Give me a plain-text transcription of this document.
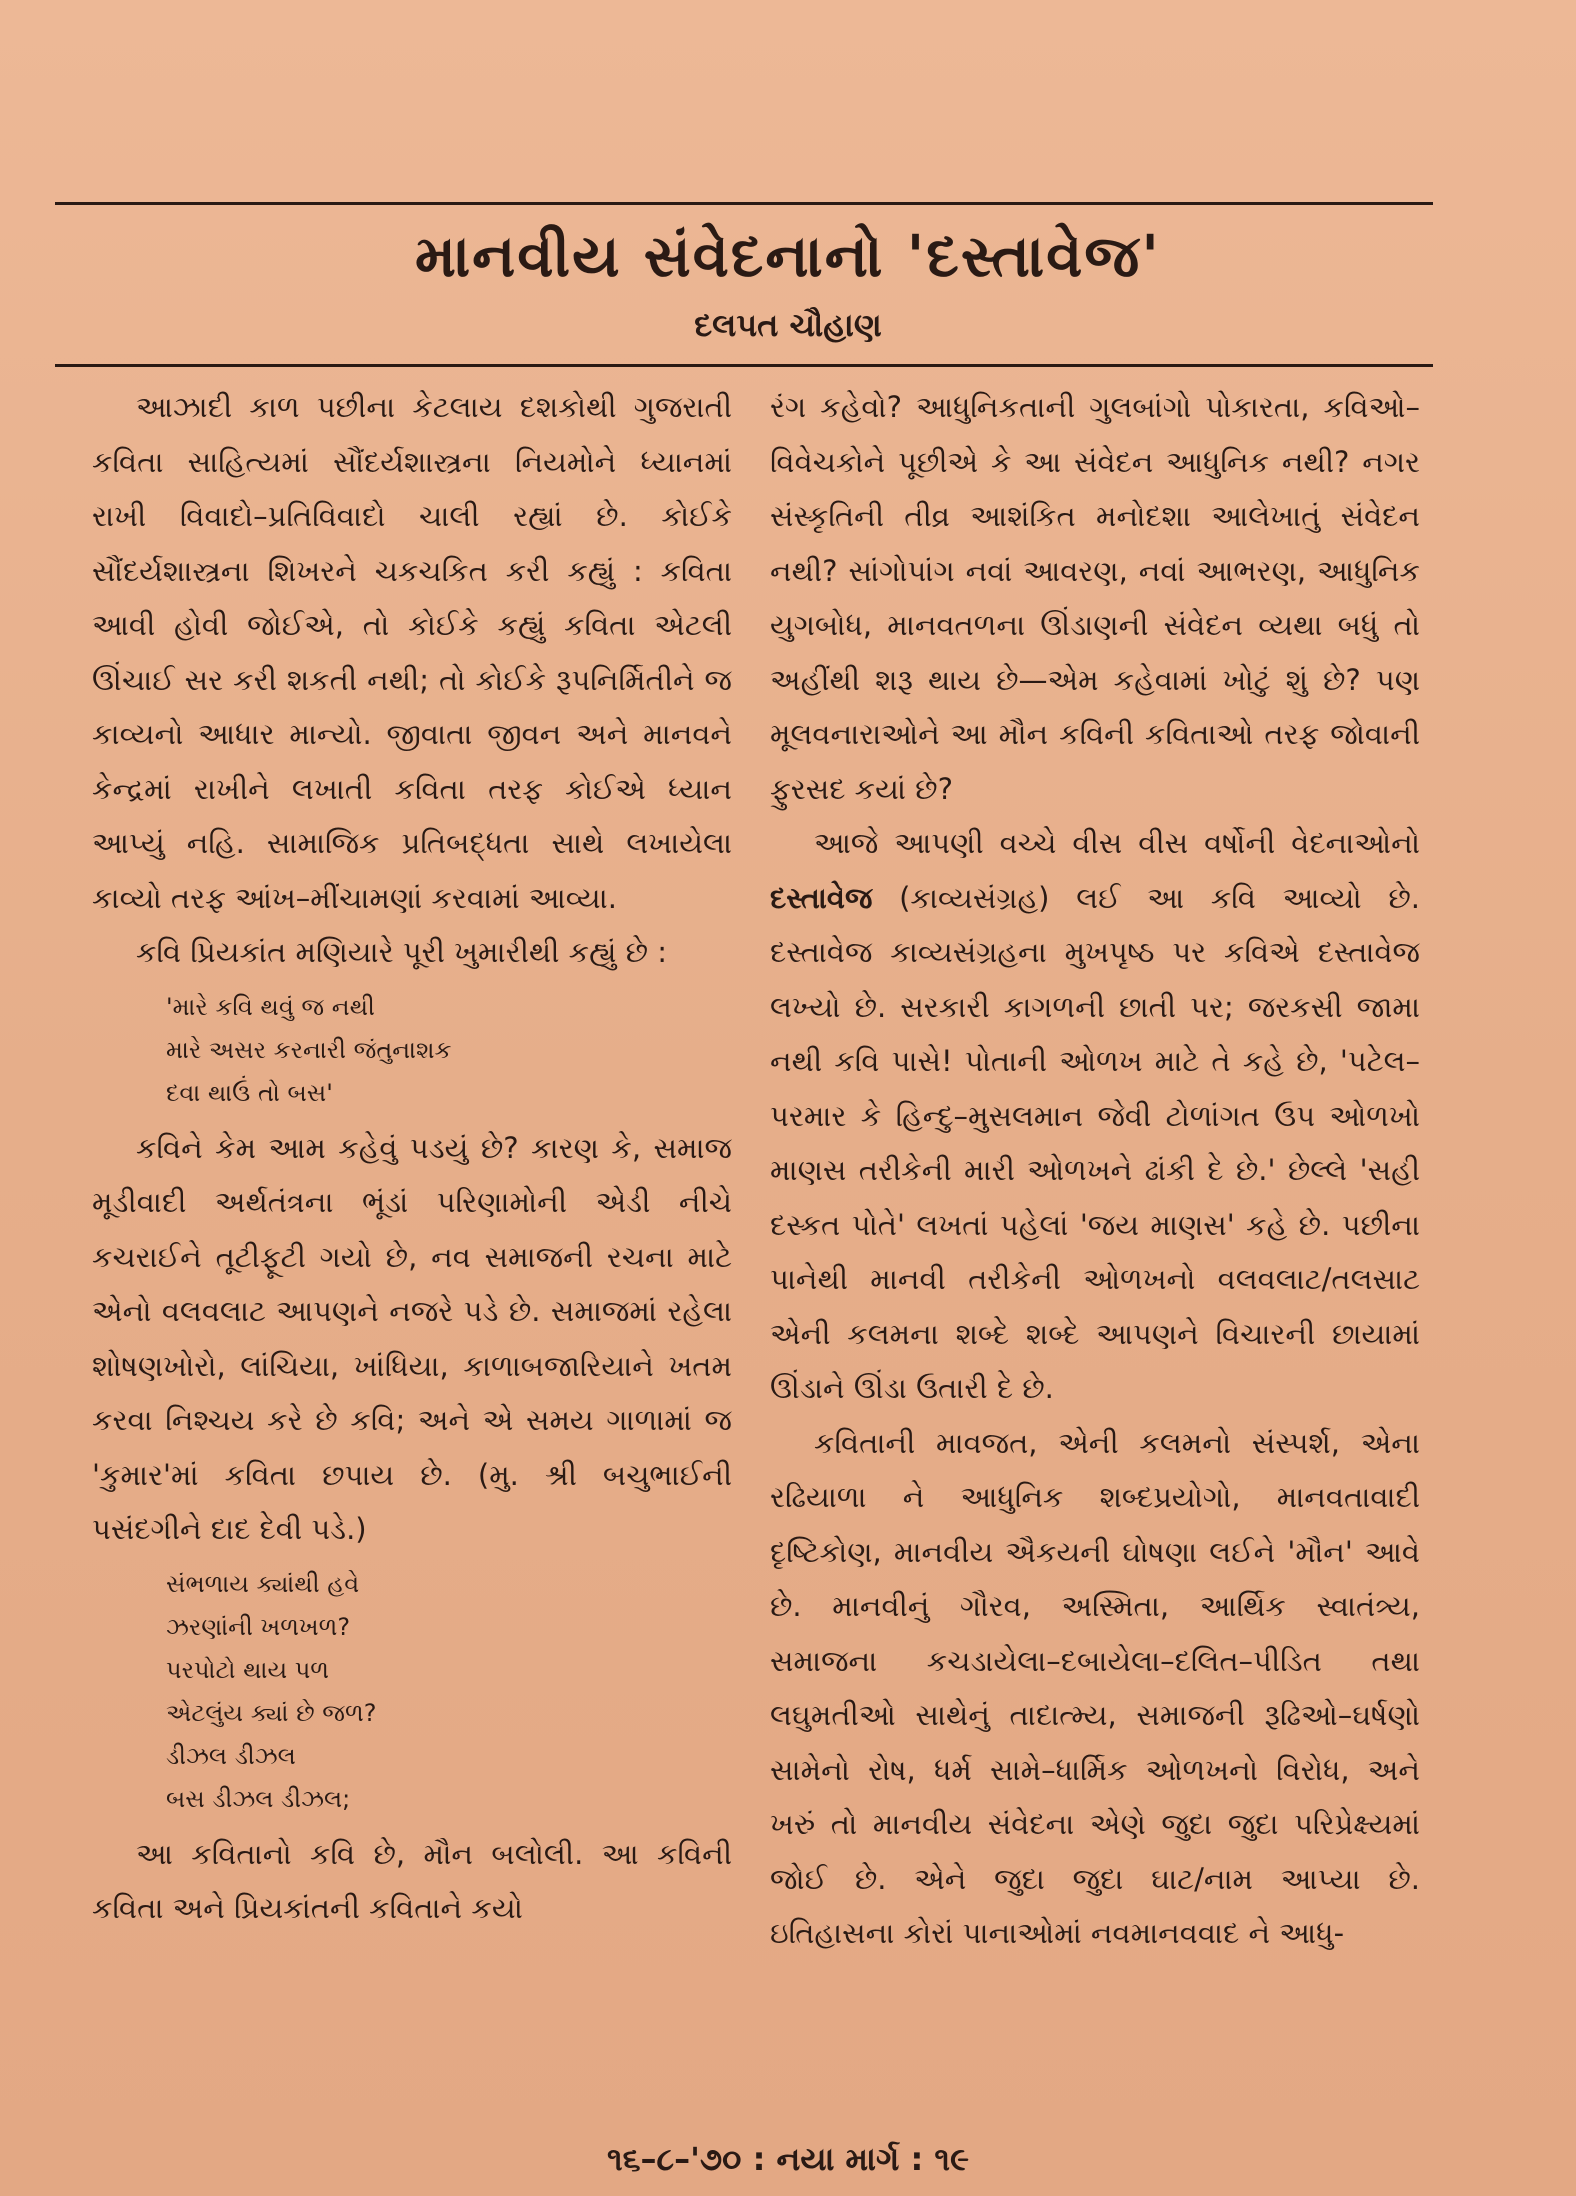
માનવીય સંવેદનાનો 'દસ્તાવેજ'
દલપત ચૌહાણ

આઝાદી કાળ પછીના કેટલાય દશકોથી ગુજરાતી કવિતા સાહિત્યમાં સૌંદર્યશાસ્ત્રના નિયમોને ધ્યાનમાં રાખી વિવાદો–પ્રતિવિવાદો ચાલી રહ્યાં છે. કોઈકે સૌંદર્યશાસ્ત્રના શિખરને ચકચકિત કરી કહ્યું : કવિતા આવી હોવી જોઈએ, તો કોઈકે કહ્યું કવિતા એટલી ઊંચાઈ સર કરી શકતી નથી; તો કોઈકે રૂપનિર્મિતીને જ કાવ્યનો આધાર માન્યો. જીવાતા જીવન અને માનવને કેન્દ્રમાં રાખીને લખાતી કવિતા તરફ કોઈએ ધ્યાન આપ્યું નહિ. સામાજિક પ્રતિબદ્ધતા સાથે લખાયેલા કાવ્યો તરફ આંખ–મીંચામણાં કરવામાં આવ્યા.

કવિ પ્રિયકાંત મણિયારે પૂરી ખુમારીથી કહ્યું છે :

'મારે કવિ થવું જ નથી
મારે અસર કરનારી જંતુનાશક
દવા થાઉં તો બસ'

કવિને કેમ આમ કહેવું પડયું છે? કારણ કે, સમાજ મૂડીવાદી અર્થતંત્રના ભૂંડાં પરિણામોની એડી નીચે કચરાઈને તૂટીફૂટી ગયો છે, નવ સમાજની રચના માટે એનો વલવલાટ આપણને નજરે પડે છે. સમાજમાં રહેલા શોષણખોરો, લાંચિયા, ખાંધિયા, કાળાબજારિયાને ખતમ કરવા નિશ્ચય કરે છે કવિ; અને એ સમય ગાળામાં જ 'કુમાર'માં કવિતા છપાય છે. (મુ. શ્રી બચુભાઈની પસંદગીને દાદ દેવી પડે.)

સંભળાય ક્યાંથી હવે
ઝરણાંની ખળખળ?
પરપોટો થાય પળ
એટલુંય ક્યાં છે જળ?
ડીઝલ ડીઝલ
બસ ડીઝલ ડીઝલ;

આ કવિતાનો કવિ છે, મૌન બલોલી. આ કવિની કવિતા અને પ્રિયકાંતની કવિતાને કયો

રંગ કહેવો? આધુનિકતાની ગુલબાંગો પોકારતા, કવિઓ–વિવેચકોને પૂછીએ કે આ સંવેદન આધુનિક નથી? નગર સંસ્કૃતિની તીવ્ર આશંકિત મનોદશા આલેખાતું સંવેદન નથી? સાંગોપાંગ નવાં આવરણ, નવાં આભરણ, આધુનિક યુગબોધ, માનવતળના ઊંડાણની સંવેદન વ્યથા બધું તો અહીંથી શરૂ થાય છે—એમ કહેવામાં ખોટું શું છે? પણ મૂલવનારાઓને આ મૌન કવિની કવિતાઓ તરફ જોવાની ફુરસદ કયાં છે?

આજે આપણી વચ્ચે વીસ વીસ વર્ષોની વેદનાઓનો દસ્તાવેજ (કાવ્યસંગ્રહ) લઈ આ કવિ આવ્યો છે. દસ્તાવેજ કાવ્યસંગ્રહના મુખપૃષ્ઠ પર કવિએ દસ્તાવેજ લખ્યો છે. સરકારી કાગળની છાતી પર; જરકસી જામા નથી કવિ પાસે! પોતાની ઓળખ માટે તે કહે છે, 'પટેલ–પરમાર કે હિન્દુ–મુસલમાન જેવી ટોળાંગત ઉપ ઓળખો માણસ તરીકેની મારી ઓળખને ઢાંકી દે છે.' છેલ્લે 'સહી દસ્કત પોતે' લખતાં પહેલાં 'જય માણસ' કહે છે. પછીના પાનેથી માનવી તરીકેની ઓળખનો વલવલાટ/તલસાટ એની કલમના શબ્દે શબ્દે આપણને વિચારની છાયામાં ઊંડાને ઊંડા ઉતારી દે છે.

કવિતાની માવજત, એની કલમનો સંસ્પર્શ, એના રઢિયાળા ને આધુનિક શબ્દપ્રયોગો, માનવતાવાદી દૃષ્ટિકોણ, માનવીય ઐકયની ઘોષણા લઈને 'મૌન' આવે છે. માનવીનું ગૌરવ, અસ્મિતા, આર્થિક સ્વાતંત્ર્ય, સમાજના કચડાયેલા–દબાયેલા–દલિત–પીડિત તથા લઘુમતીઓ સાથેનું તાદાત્મ્ય, સમાજની રૂઢિઓ–ઘર્ષણો સામેનો રોષ, ધર્મ સામે–ધાર્મિક ઓળખનો વિરોધ, અને ખરું તો માનવીય સંવેદના એણે જુદા જુદા પરિપ્રેક્ષ્યમાં જોઈ છે. એને જુદા જુદા ઘાટ/નામ આપ્યા છે. ઇતિહાસના કોરાં પાનાઓમાં નવમાનવવાદ ને આધુ-

૧૬–૮–'૭૦ : નયા માર્ગ : ૧૯
